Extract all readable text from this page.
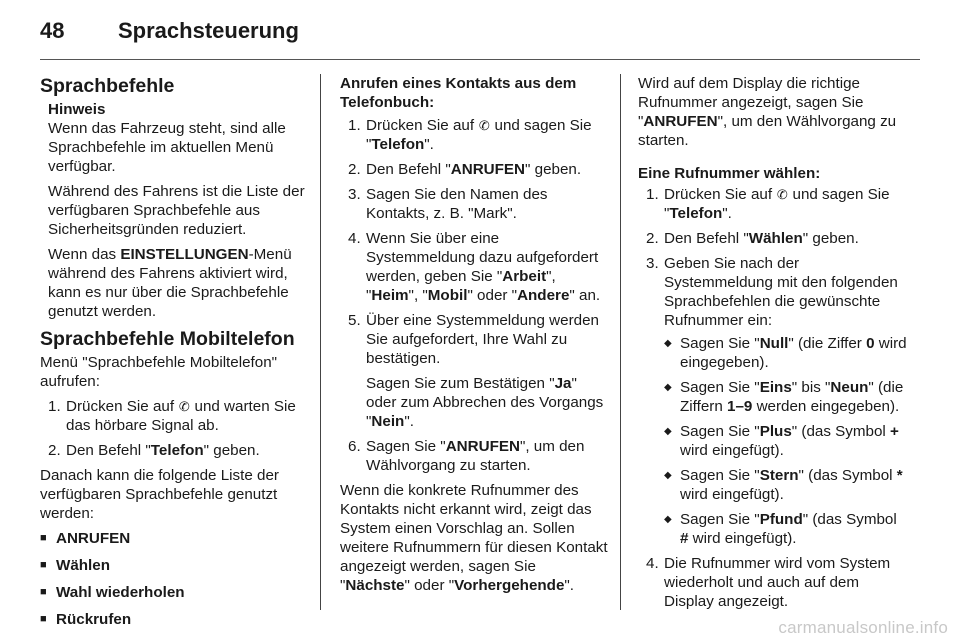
48 Sprachsteuerung
Sprachbefehle
Hinweis

Wenn das Fahrzeug steht, sind alle Sprachbefehle im aktuellen Menü verfügbar.

Während des Fahrens ist die Liste der verfügbaren Sprachbefehle aus Sicherheitsgründen reduziert.

Wenn das EINSTELLUNGEN-Menü während des Fahrens aktiviert wird, kann es nur über die Sprachbefehle genutzt werden.

Sprachbefehle Mobiltelefon

Menü "Sprachbefehle Mobiltelefon" aufrufen:

1. Drücken Sie auf ✆ und warten Sie das hörbare Signal ab.
2. Den Befehl "Telefon" geben.

Danach kann die folgende Liste der verfügbaren Sprachbefehle genutzt werden:

■ ANRUFEN
■ Wählen
■ Wahl wiederholen
■ Rückrufen
Anrufen eines Kontakts aus dem Telefonbuch:
1. Drücken Sie auf ✆ und sagen Sie "Telefon".
2. Den Befehl "ANRUFEN" geben.
3. Sagen Sie den Namen des Kontakts, z. B. "Mark".
4. Wenn Sie über eine Systemmeldung dazu aufgefordert werden, geben Sie "Arbeit", "Heim", "Mobil" oder "Andere" an.
5. Über eine Systemmeldung werden Sie aufgefordert, Ihre Wahl zu bestätigen.
Sagen Sie zum Bestätigen "Ja" oder zum Abbrechen des Vorgangs "Nein".
6. Sagen Sie "ANRUFEN", um den Wählvorgang zu starten.

Wenn die konkrete Rufnummer des Kontakts nicht erkannt wird, zeigt das System einen Vorschlag an. Sollen weitere Rufnummern für diesen Kontakt angezeigt werden, sagen Sie "Nächste" oder "Vorhergehende".

Wird auf dem Display die richtige Rufnummer angezeigt, sagen Sie "ANRUFEN", um den Wählvorgang zu starten.

Eine Rufnummer wählen:
1. Drücken Sie auf ✆ und sagen Sie "Telefon".
2. Den Befehl "Wählen" geben.
3. Geben Sie nach der Systemmeldung mit den folgenden Sprachbefehlen die gewünschte Rufnummer ein:
◆ Sagen Sie "Null" (die Ziffer 0 wird eingegeben).
◆ Sagen Sie "Eins" bis "Neun" (die Ziffern 1–9 werden eingegeben).
◆ Sagen Sie "Plus" (das Symbol + wird eingefügt).
◆ Sagen Sie "Stern" (das Symbol * wird eingefügt).
◆ Sagen Sie "Pfund" (das Symbol # wird eingefügt).
4. Die Rufnummer wird vom System wiederholt und auch auf dem Display angezeigt.
carmanualsonline.info
